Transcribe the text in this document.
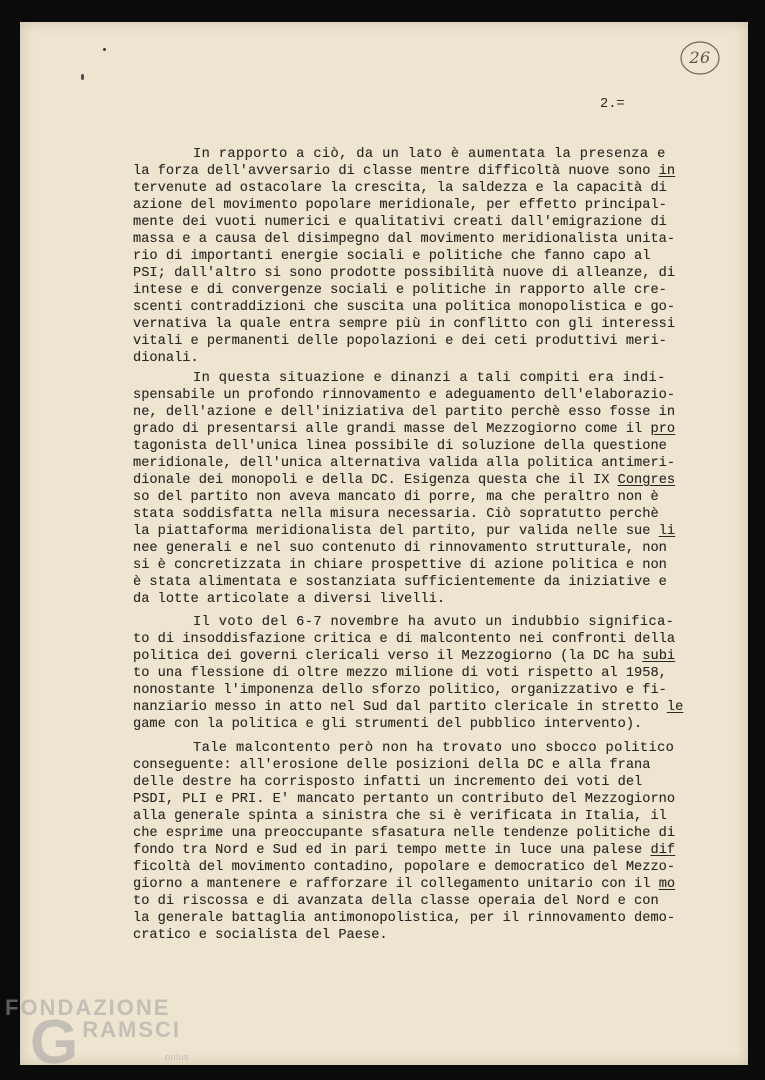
26
2.=
In rapporto a ciò, da un lato è aumentata la presenza e
la forza dell'avversario di classe mentre difficoltà nuove sono in
tervenute ad ostacolare la crescita, la saldezza e la capacità di
azione del movimento popolare meridionale, per effetto principal-
mente dei vuoti numerici e qualitativi creati dall'emigrazione di
massa e a causa del disimpegno dal movimento meridionalista unita-
rio di importanti energie sociali e politiche che fanno capo al
PSI; dall'altro si sono prodotte possibilità nuove di alleanze, di
intese e di convergenze sociali e politiche in rapporto alle cre-
scenti contraddizioni che suscita una politica monopolistica e go-
vernativa la quale entra sempre più in conflitto con gli interessi
vitali e permanenti delle popolazioni e dei ceti produttivi meri-
dionali.
In questa situazione e dinanzi a tali compiti era indi-
spensabile un profondo rinnovamento e adeguamento dell'elaborazio-
ne, dell'azione e dell'iniziativa del partito perchè esso fosse in
grado di presentarsi alle grandi masse del Mezzogiorno come il pro
tagonista dell'unica linea possibile di soluzione della questione
meridionale, dell'unica alternativa valida alla politica antimeri-
dionale dei monopoli e della DC. Esigenza questa che il IX Congres
so del partito non aveva mancato di porre, ma che peraltro non è
stata soddisfatta nella misura necessaria. Ciò sopratutto perchè
la piattaforma meridionalista del partito, pur valida nelle sue li
nee generali e nel suo contenuto di rinnovamento strutturale, non
si è concretizzata in chiare prospettive di azione politica e non
è stata alimentata e sostanziata sufficientemente da iniziative e
da lotte articolate a diversi livelli.
Il voto del 6-7 novembre ha avuto un indubbio significa-
to di insoddisfazione critica e di malcontento nei confronti della
politica dei governi clericali verso il Mezzogiorno (la DC ha subi
to una flessione di oltre mezzo milione di voti rispetto al 1958,
nonostante l'imponenza dello sforzo politico, organizzativo e fi-
nanziario messo in atto nel Sud dal partito clericale in stretto le
game con la politica e gli strumenti del pubblico intervento).
Tale malcontento però non ha trovato uno sbocco politico
conseguente: all'erosione delle posizioni della DC e alla frana
delle destre ha corrisposto infatti un incremento dei voti del
PSDI, PLI e PRI. E' mancato pertanto un contributo del Mezzogiorno
alla generale spinta a sinistra che si è verificata in Italia, il
che esprime una preoccupante sfasatura nelle tendenze politiche di
fondo tra Nord e Sud ed in pari tempo mette in luce una palese dif
ficoltà del movimento contadino, popolare e democratico del Mezzo-
giorno a mantenere e rafforzare il collegamento unitario con il mo
to di riscossa e di avanzata della classe operaia del Nord e con
la generale battaglia antimonopolistica, per il rinnovamento demo-
cratico e socialista del Paese.
FONDAZIONE
GRAMSCI
onlus
